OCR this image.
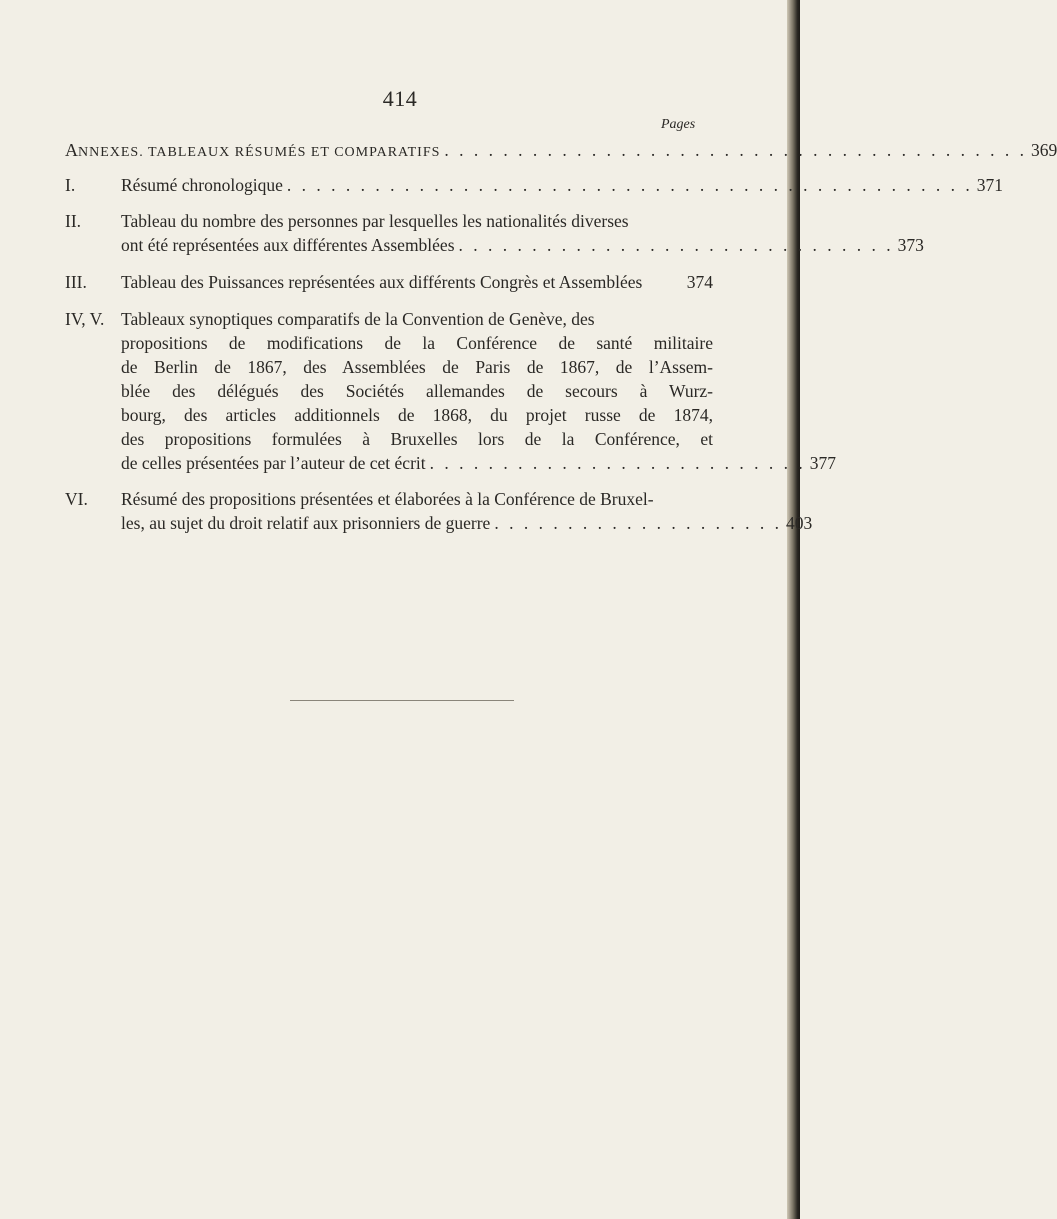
414
Pages
ANNEXES. TABLEAUX RÉSUMÉS ET COMPARATIFS . . . . . . . . . . . . . . . . . . . . . . . . . . . . . . . . . . . . . . . . 369
I.	Résumé chronologique . . . . . . . . . . . . . . . . . . . . . . . . . . . . . . . . . . . . . . . . . . . . . . . 371
II.	Tableau du nombre des personnes par lesquelles les nationalités diverses
ont été représentées aux différentes Assemblées . . . . . . . . . . . . . . . . . . . . . . . . . . . . . . 373
III.	Tableau des Puissances représentées aux différents Congrès et Assemblées	374
IV, V. Tableaux synoptiques comparatifs de la Convention de Genève, des
propositions de modifications de la Conférence de santé militaire
de Berlin de 1867, des Assemblées de Paris de 1867, de l’Assem-
blée des délégués des Sociétés allemandes de secours à Wurz-
bourg, des articles additionnels de 1868, du projet russe de 1874,
des propositions formulées à Bruxelles lors de la Conférence, et
de celles présentées par l’auteur de cet écrit . . . . . . . . . . . . . . . . . . . . . . . . . . 377
VI.	Résumé des propositions présentées et élaborées à la Conférence de Bruxel-
les, au sujet du droit relatif aux prisonniers de guerre . . . . . . . . . . . . . . . . . . . . 403
